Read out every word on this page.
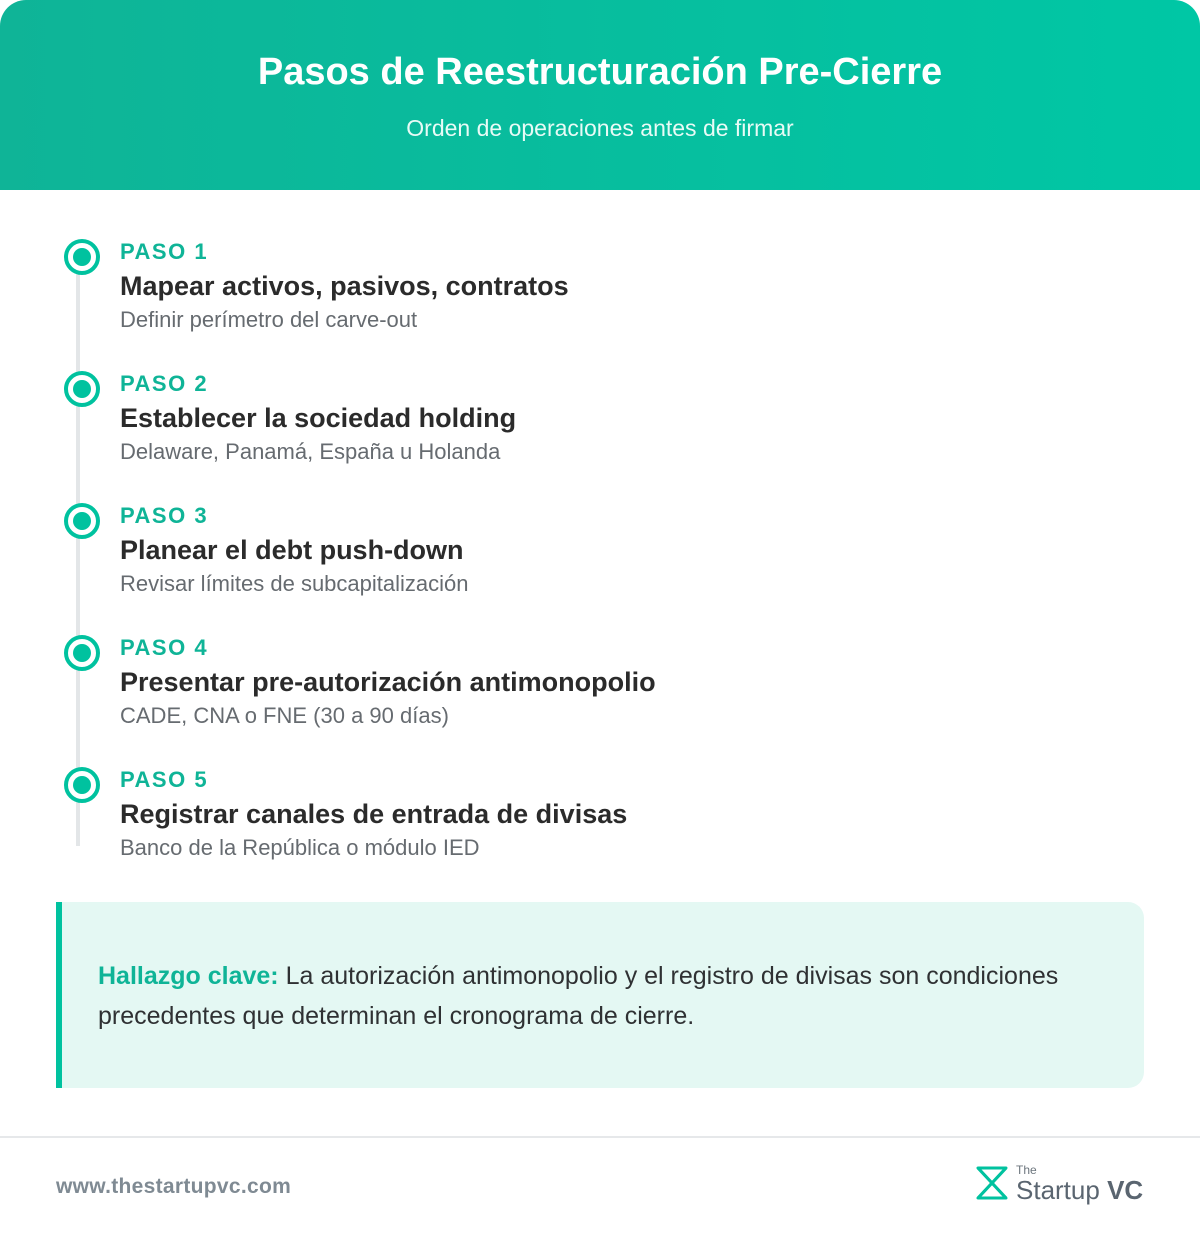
Pasos de Reestructuración Pre-Cierre
Orden de operaciones antes de firmar
PASO 1
Mapear activos, pasivos, contratos
Definir perímetro del carve-out
PASO 2
Establecer la sociedad holding
Delaware, Panamá, España u Holanda
PASO 3
Planear el debt push-down
Revisar límites de subcapitalización
PASO 4
Presentar pre-autorización antimonopolio
CADE, CNA o FNE (30 a 90 días)
PASO 5
Registrar canales de entrada de divisas
Banco de la República o módulo IED

Hallazgo clave: La autorización antimonopolio y el registro de divisas son condiciones precedentes que determinan el cronograma de cierre.

www.thestartupvc.com
The
Startup VC
